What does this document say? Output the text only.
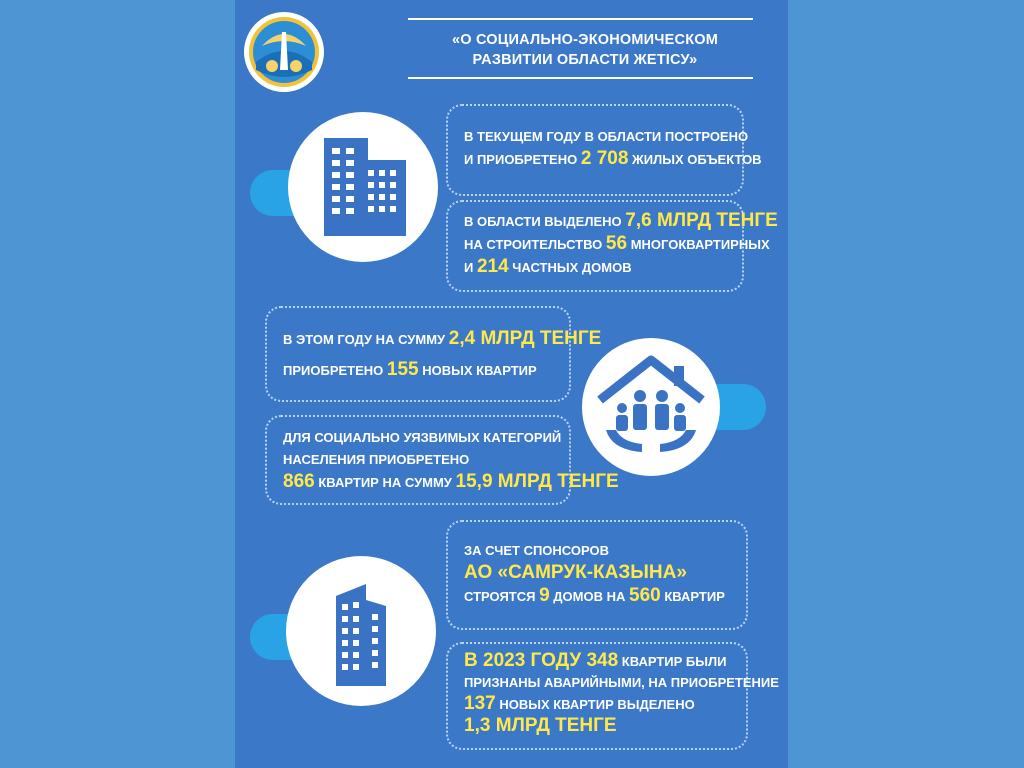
«О СОЦИАЛЬНО-ЭКОНОМИЧЕСКОМ
РАЗВИТИИ ОБЛАСТИ ЖЕТІСУ»
В ТЕКУЩЕМ ГОДУ В ОБЛАСТИ ПОСТРОЕНО
И ПРИОБРЕТЕНО 2 708 ЖИЛЫХ ОБЪЕКТОВ
В ОБЛАСТИ ВЫДЕЛЕНО 7,6 МЛРД ТЕНГЕ
НА СТРОИТЕЛЬСТВО 56 МНОГОКВАРТИРНЫХ
И 214 ЧАСТНЫХ ДОМОВ
В ЭТОМ ГОДУ НА СУММУ 2,4 МЛРД ТЕНГЕ
ПРИОБРЕТЕНО 155 НОВЫХ КВАРТИР
ДЛЯ СОЦИАЛЬНО УЯЗВИМЫХ КАТЕГОРИЙ
НАСЕЛЕНИЯ ПРИОБРЕТЕНО
866 КВАРТИР НА СУММУ 15,9 МЛРД ТЕНГЕ
ЗА СЧЕТ СПОНСОРОВ
АО «САМРУК-КАЗЫНА»
СТРОЯТСЯ 9 ДОМОВ НА 560 КВАРТИР
В 2023 ГОДУ 348 КВАРТИР БЫЛИ
ПРИЗНАНЫ АВАРИЙНЫМИ, НА ПРИОБРЕТЕНИЕ
137 НОВЫХ КВАРТИР ВЫДЕЛЕНО
1,3 МЛРД ТЕНГЕ
